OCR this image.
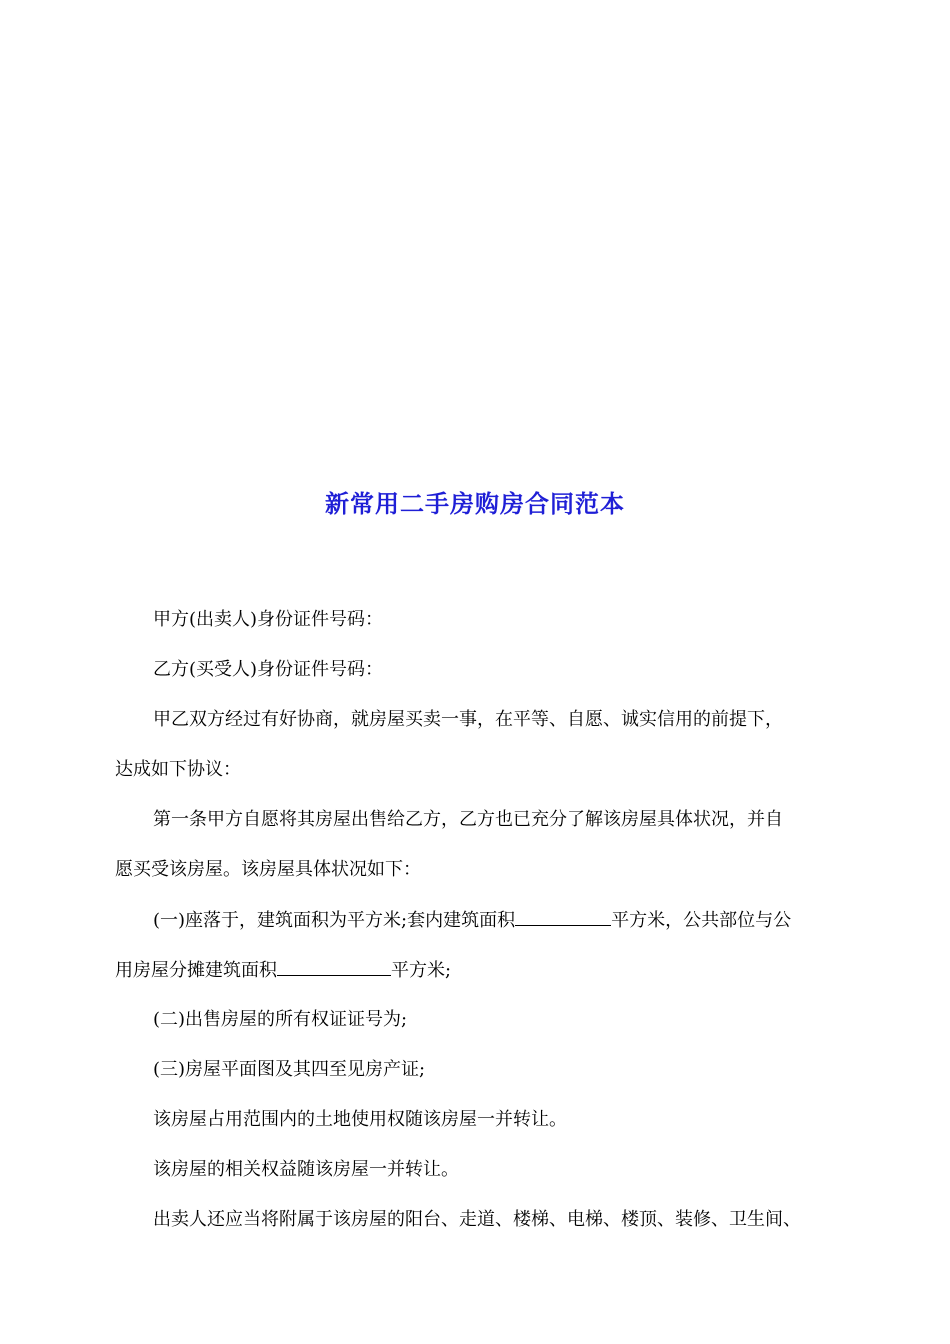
新常用二手房购房合同范本
甲方(出卖人)身份证件号码：
乙方(买受人)身份证件号码：
甲乙双方经过有好协商，就房屋买卖一事，在平等、自愿、诚实信用的前提下，
达成如下协议：
第一条甲方自愿将其房屋出售给乙方，乙方也已充分了解该房屋具体状况，并自
愿买受该房屋。该房屋具体状况如下：
(一)座落于，建筑面积为平方米;套内建筑面积	平方米，公共部位与公
用房屋分摊建筑面积	平方米;
(二)出售房屋的所有权证证号为;
(三)房屋平面图及其四至见房产证;
该房屋占用范围内的土地使用权随该房屋一并转让。
该房屋的相关权益随该房屋一并转让。
出卖人还应当将附属于该房屋的阳台、走道、楼梯、电梯、楼顶、装修、卫生间、
